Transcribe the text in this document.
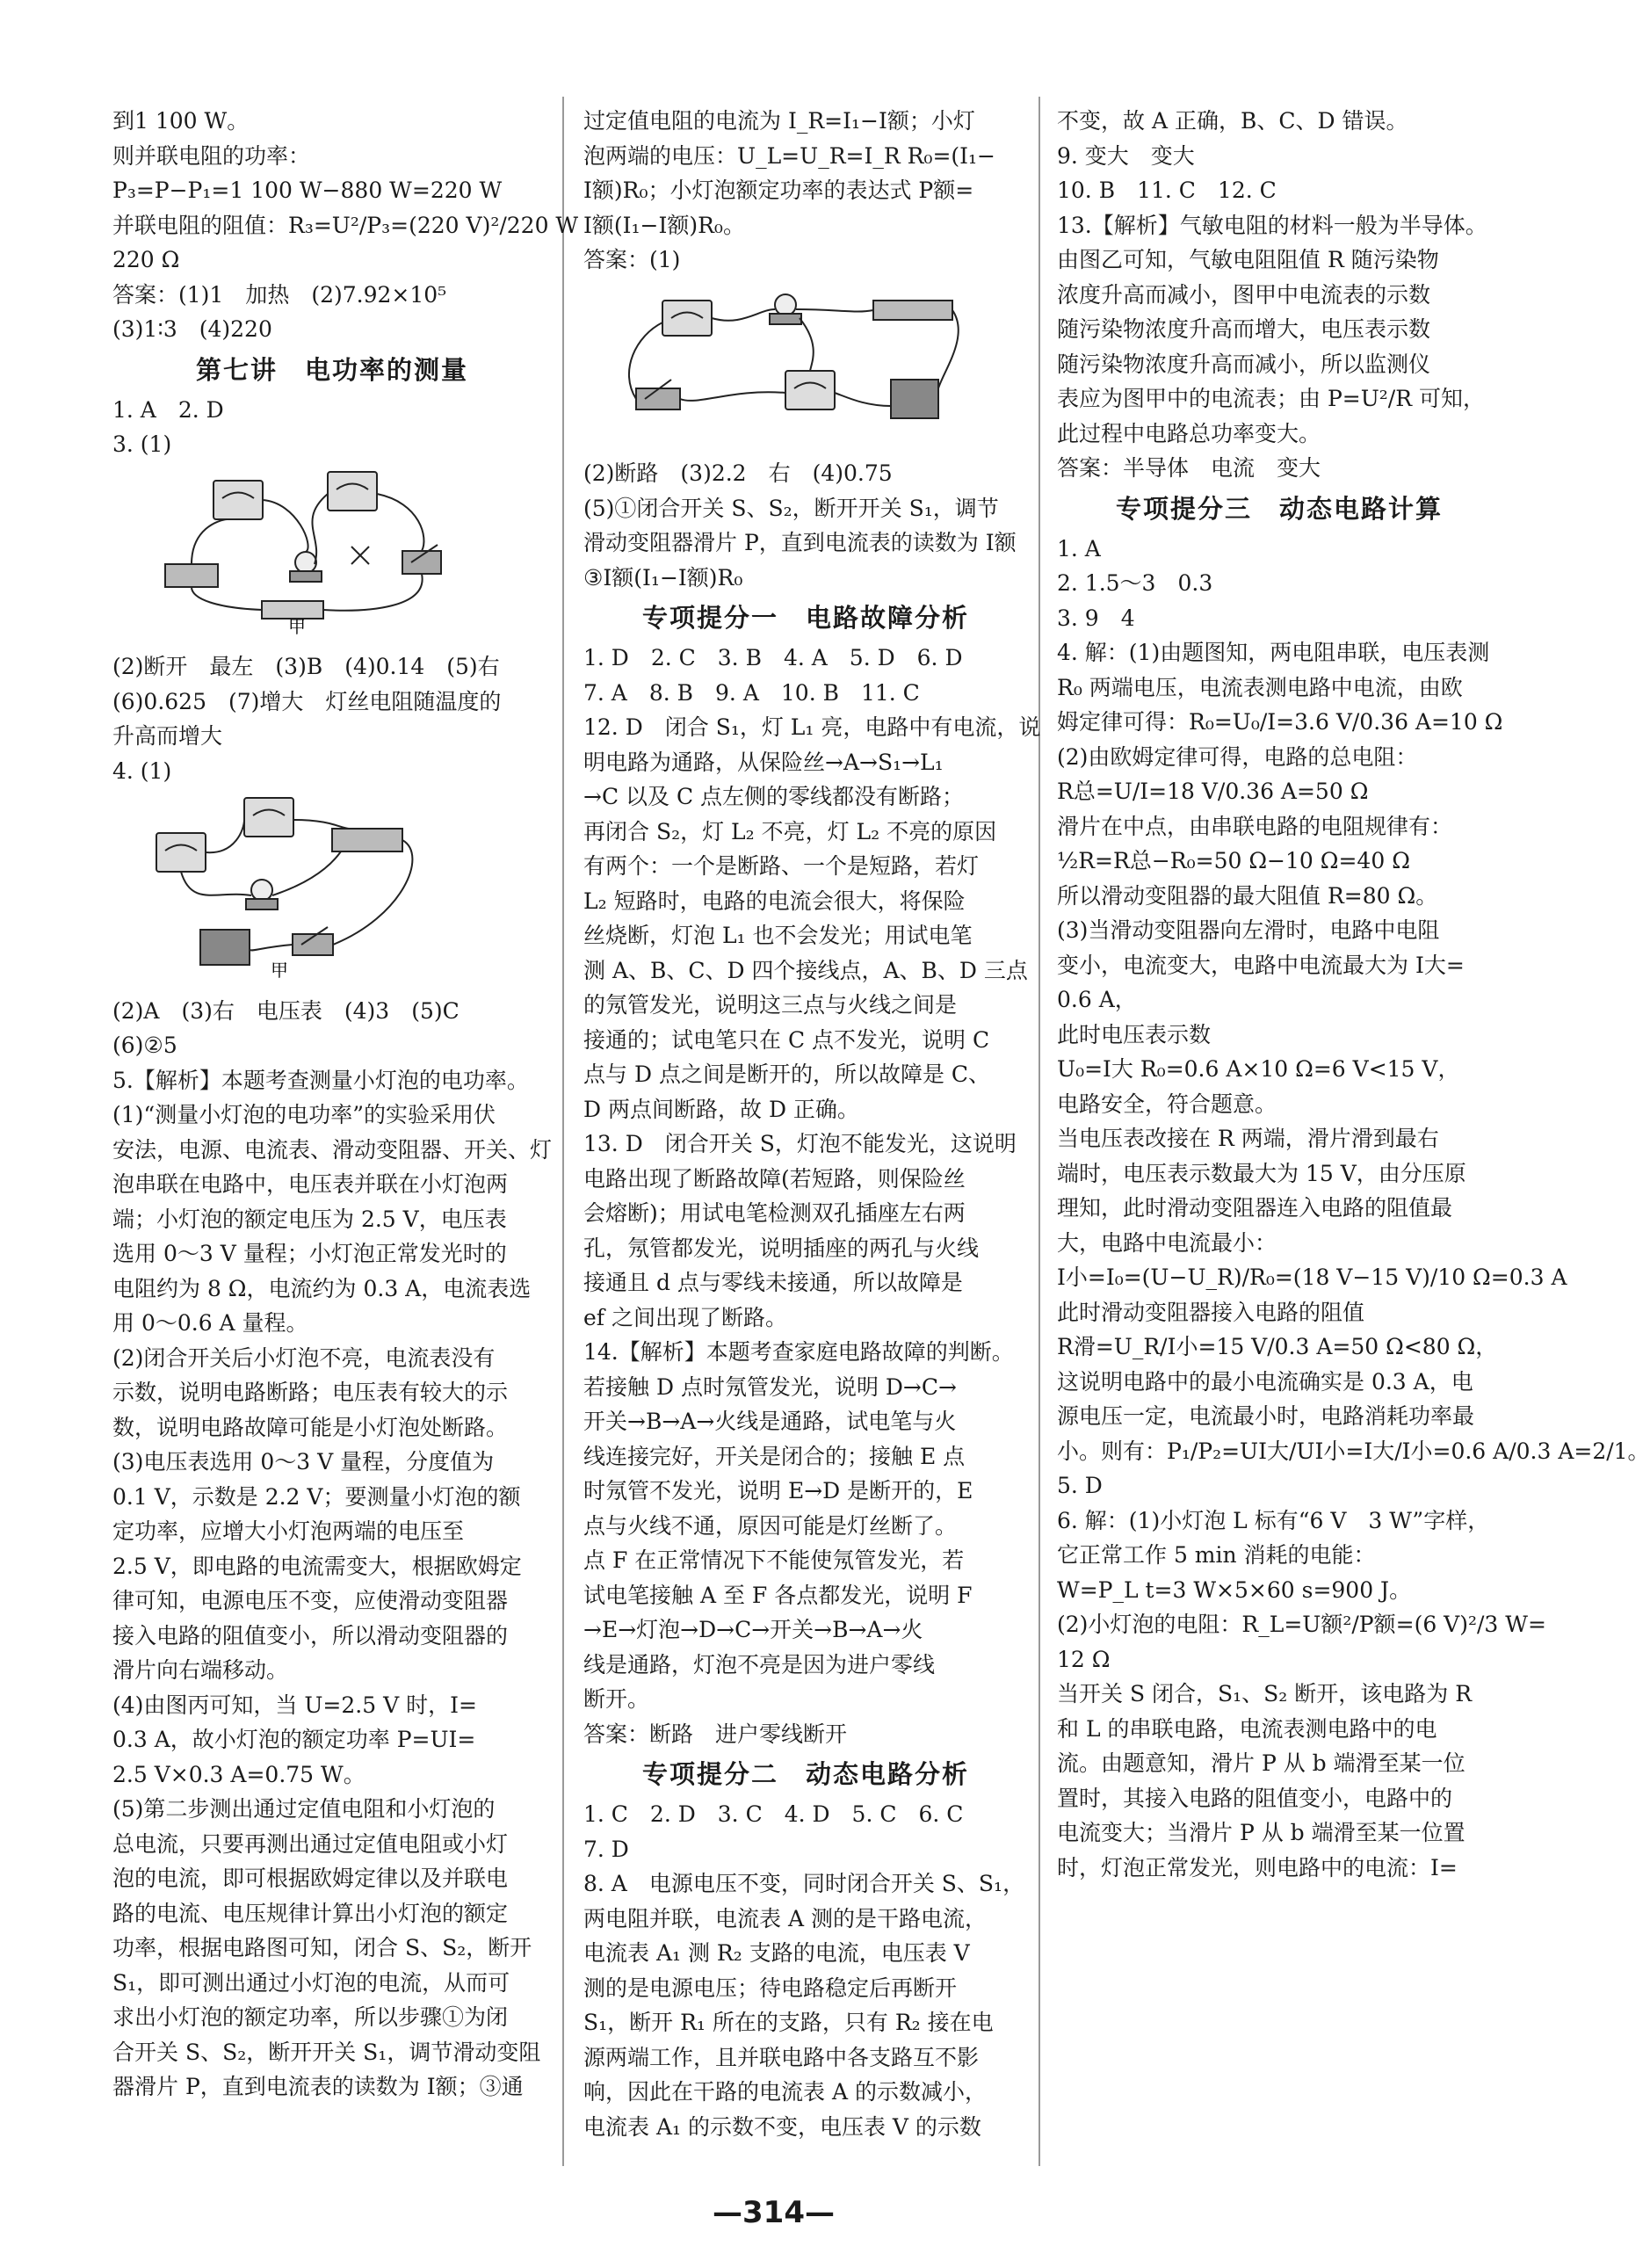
到1 100 W。
则并联电阻的功率：
P₃=P−P₁=1 100 W−880 W=220 W
并联电阻的阻值：R₃=U²/P₃=(220 V)²/220 W
220 Ω
答案：(1)1　加热　(2)7.92×10⁵
(3)1∶3　(4)220
第七讲　电功率的测量
1. A　2. D
3. (1)
甲
(2)断开　最左　(3)B　(4)0.14　(5)右
(6)0.625　(7)增大　灯丝电阻随温度的
升高而增大
4. (1)
甲
(2)A　(3)右　电压表　(4)3　(5)C
(6)②5
5.【解析】本题考查测量小灯泡的电功率。
(1)“测量小灯泡的电功率”的实验采用伏
安法，电源、电流表、滑动变阻器、开关、灯
泡串联在电路中，电压表并联在小灯泡两
端；小灯泡的额定电压为 2.5 V，电压表
选用 0～3 V 量程；小灯泡正常发光时的
电阻约为 8 Ω，电流约为 0.3 A，电流表选
用 0～0.6 A 量程。
(2)闭合开关后小灯泡不亮，电流表没有
示数，说明电路断路；电压表有较大的示
数，说明电路故障可能是小灯泡处断路。
(3)电压表选用 0～3 V 量程，分度值为
0.1 V，示数是 2.2 V；要测量小灯泡的额
定功率，应增大小灯泡两端的电压至
2.5 V，即电路的电流需变大，根据欧姆定
律可知，电源电压不变，应使滑动变阻器
接入电路的阻值变小，所以滑动变阻器的
滑片向右端移动。
(4)由图丙可知，当 U=2.5 V 时，I=
0.3 A，故小灯泡的额定功率 P=UI=
2.5 V×0.3 A=0.75 W。
(5)第二步测出通过定值电阻和小灯泡的
总电流，只要再测出通过定值电阻或小灯
泡的电流，即可根据欧姆定律以及并联电
路的电流、电压规律计算出小灯泡的额定
功率，根据电路图可知，闭合 S、S₂，断开
S₁，即可测出通过小灯泡的电流，从而可
求出小灯泡的额定功率，所以步骤①为闭
合开关 S、S₂，断开开关 S₁，调节滑动变阻
器滑片 P，直到电流表的读数为 I额；③通
过定值电阻的电流为 I_R=I₁−I额；小灯
泡两端的电压：U_L=U_R=I_R R₀=(I₁−
I额)R₀；小灯泡额定功率的表达式 P额=
I额(I₁−I额)R₀。
答案：(1)
(2)断路　(3)2.2　右　(4)0.75
(5)①闭合开关 S、S₂，断开开关 S₁，调节
滑动变阻器滑片 P，直到电流表的读数为 I额
③I额(I₁−I额)R₀
专项提分一　电路故障分析
1. D　2. C　3. B　4. A　5. D　6. D
7. A　8. B　9. A　10. B　11. C
12. D　闭合 S₁，灯 L₁ 亮，电路中有电流，说
明电路为通路，从保险丝→A→S₁→L₁
→C 以及 C 点左侧的零线都没有断路；
再闭合 S₂，灯 L₂ 不亮，灯 L₂ 不亮的原因
有两个：一个是断路、一个是短路，若灯
L₂ 短路时，电路的电流会很大，将保险
丝烧断，灯泡 L₁ 也不会发光；用试电笔
测 A、B、C、D 四个接线点，A、B、D 三点
的氖管发光，说明这三点与火线之间是
接通的；试电笔只在 C 点不发光，说明 C
点与 D 点之间是断开的，所以故障是 C、
D 两点间断路，故 D 正确。
13. D　闭合开关 S，灯泡不能发光，这说明
电路出现了断路故障(若短路，则保险丝
会熔断)；用试电笔检测双孔插座左右两
孔，氖管都发光，说明插座的两孔与火线
接通且 d 点与零线未接通，所以故障是
ef 之间出现了断路。
14.【解析】本题考查家庭电路故障的判断。
若接触 D 点时氖管发光，说明 D→C→
开关→B→A→火线是通路，试电笔与火
线连接完好，开关是闭合的；接触 E 点
时氖管不发光，说明 E→D 是断开的，E
点与火线不通，原因可能是灯丝断了。
点 F 在正常情况下不能使氖管发光，若
试电笔接触 A 至 F 各点都发光，说明 F
→E→灯泡→D→C→开关→B→A→火
线是通路，灯泡不亮是因为进户零线
断开。
答案：断路　进户零线断开
专项提分二　动态电路分析
1. C　2. D　3. C　4. D　5. C　6. C
7. D
8. A　电源电压不变，同时闭合开关 S、S₁，
两电阻并联，电流表 A 测的是干路电流，
电流表 A₁ 测 R₂ 支路的电流，电压表 V
测的是电源电压；待电路稳定后再断开
S₁，断开 R₁ 所在的支路，只有 R₂ 接在电
源两端工作，且并联电路中各支路互不影
响，因此在干路的电流表 A 的示数减小，
电流表 A₁ 的示数不变，电压表 V 的示数
不变，故 A 正确，B、C、D 错误。
9. 变大　变大
10. B　11. C　12. C
13.【解析】气敏电阻的材料一般为半导体。
由图乙可知，气敏电阻阻值 R 随污染物
浓度升高而减小，图甲中电流表的示数
随污染物浓度升高而增大，电压表示数
随污染物浓度升高而减小，所以监测仪
表应为图甲中的电流表；由 P=U²/R 可知，
此过程中电路总功率变大。
答案：半导体　电流　变大
专项提分三　动态电路计算
1. A
2. 1.5～3　0.3
3. 9　4
4. 解：(1)由题图知，两电阻串联，电压表测
R₀ 两端电压，电流表测电路中电流，由欧
姆定律可得：R₀=U₀/I=3.6 V/0.36 A=10 Ω
(2)由欧姆定律可得，电路的总电阻：
R总=U/I=18 V/0.36 A=50 Ω
滑片在中点，由串联电路的电阻规律有：
½R=R总−R₀=50 Ω−10 Ω=40 Ω
所以滑动变阻器的最大阻值 R=80 Ω。
(3)当滑动变阻器向左滑时，电路中电阻
变小，电流变大，电路中电流最大为 I大=
0.6 A，
此时电压表示数
U₀=I大 R₀=0.6 A×10 Ω=6 V<15 V，
电路安全，符合题意。
当电压表改接在 R 两端，滑片滑到最右
端时，电压表示数最大为 15 V，由分压原
理知，此时滑动变阻器连入电路的阻值最
大，电路中电流最小：
I小=I₀=(U−U_R)/R₀=(18 V−15 V)/10 Ω=0.3 A
此时滑动变阻器接入电路的阻值
R滑=U_R/I小=15 V/0.3 A=50 Ω<80 Ω，
这说明电路中的最小电流确实是 0.3 A，电
源电压一定，电流最小时，电路消耗功率最
小。则有：P₁/P₂=UI大/UI小=I大/I小=0.6 A/0.3 A=2/1。
5. D
6. 解：(1)小灯泡 L 标有“6 V　3 W”字样，
它正常工作 5 min 消耗的电能：
W=P_L t=3 W×5×60 s=900 J。
(2)小灯泡的电阻：R_L=U额²/P额=(6 V)²/3 W=
12 Ω
当开关 S 闭合，S₁、S₂ 断开，该电路为 R
和 L 的串联电路，电流表测电路中的电
流。由题意知，滑片 P 从 b 端滑至某一位
置时，其接入电路的阻值变小，电路中的
电流变大；当滑片 P 从 b 端滑至某一位置
时，灯泡正常发光，则电路中的电流：I=
—314—
